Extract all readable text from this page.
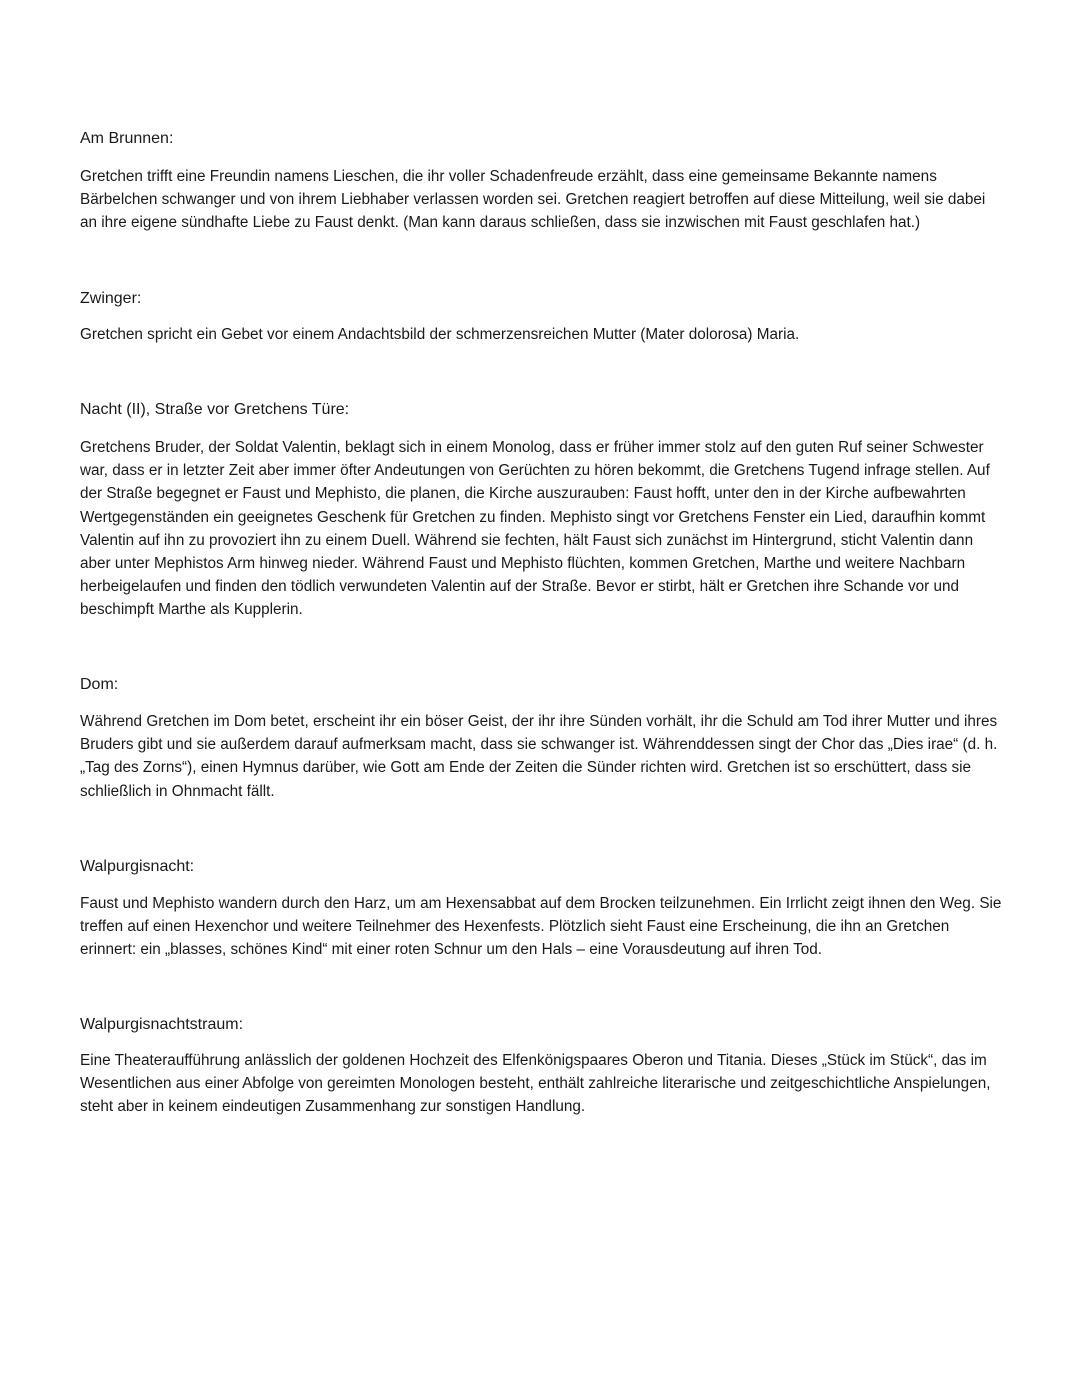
Am Brunnen:

Gretchen trifft eine Freundin namens Lieschen, die ihr voller Schadenfreude erzählt, dass eine gemeinsame Bekannte namens Bärbelchen schwanger und von ihrem Liebhaber verlassen worden sei. Gretchen reagiert betroffen auf diese Mitteilung, weil sie dabei an ihre eigene sündhafte Liebe zu Faust denkt. (Man kann daraus schließen, dass sie inzwischen mit Faust geschlafen hat.)

Zwinger:

Gretchen spricht ein Gebet vor einem Andachtsbild der schmerzensreichen Mutter (Mater dolorosa) Maria.

Nacht (II), Straße vor Gretchens Türe:

Gretchens Bruder, der Soldat Valentin, beklagt sich in einem Monolog, dass er früher immer stolz auf den guten Ruf seiner Schwester war, dass er in letzter Zeit aber immer öfter Andeutungen von Gerüchten zu hören bekommt, die Gretchens Tugend infrage stellen. Auf der Straße begegnet er Faust und Mephisto, die planen, die Kirche auszurauben: Faust hofft, unter den in der Kirche aufbewahrten Wertgegenständen ein geeignetes Geschenk für Gretchen zu finden. Mephisto singt vor Gretchens Fenster ein Lied, daraufhin kommt Valentin auf ihn zu provoziert ihn zu einem Duell. Während sie fechten, hält Faust sich zunächst im Hintergrund, sticht Valentin dann aber unter Mephistos Arm hinweg nieder. Während Faust und Mephisto flüchten, kommen Gretchen, Marthe und weitere Nachbarn herbeigelaufen und finden den tödlich verwundeten Valentin auf der Straße. Bevor er stirbt, hält er Gretchen ihre Schande vor und beschimpft Marthe als Kupplerin.

Dom:

Während Gretchen im Dom betet, erscheint ihr ein böser Geist, der ihr ihre Sünden vorhält, ihr die Schuld am Tod ihrer Mutter und ihres Bruders gibt und sie außerdem darauf aufmerksam macht, dass sie schwanger ist. Währenddessen singt der Chor das „Dies irae“ (d. h. „Tag des Zorns“), einen Hymnus darüber, wie Gott am Ende der Zeiten die Sünder richten wird. Gretchen ist so erschüttert, dass sie schließlich in Ohnmacht fällt.

Walpurgisnacht:

Faust und Mephisto wandern durch den Harz, um am Hexensabbat auf dem Brocken teilzunehmen. Ein Irrlicht zeigt ihnen den Weg. Sie treffen auf einen Hexenchor und weitere Teilnehmer des Hexenfests. Plötzlich sieht Faust eine Erscheinung, die ihn an Gretchen erinnert: ein „blasses, schönes Kind“ mit einer roten Schnur um den Hals – eine Vorausdeutung auf ihren Tod.

Walpurgisnachtstraum:

Eine Theateraufführung anlässlich der goldenen Hochzeit des Elfenkönigspaares Oberon und Titania. Dieses „Stück im Stück“, das im Wesentlichen aus einer Abfolge von gereimten Monologen besteht, enthält zahlreiche literarische und zeitgeschichtliche Anspielungen, steht aber in keinem eindeutigen Zusammenhang zur sonstigen Handlung.
